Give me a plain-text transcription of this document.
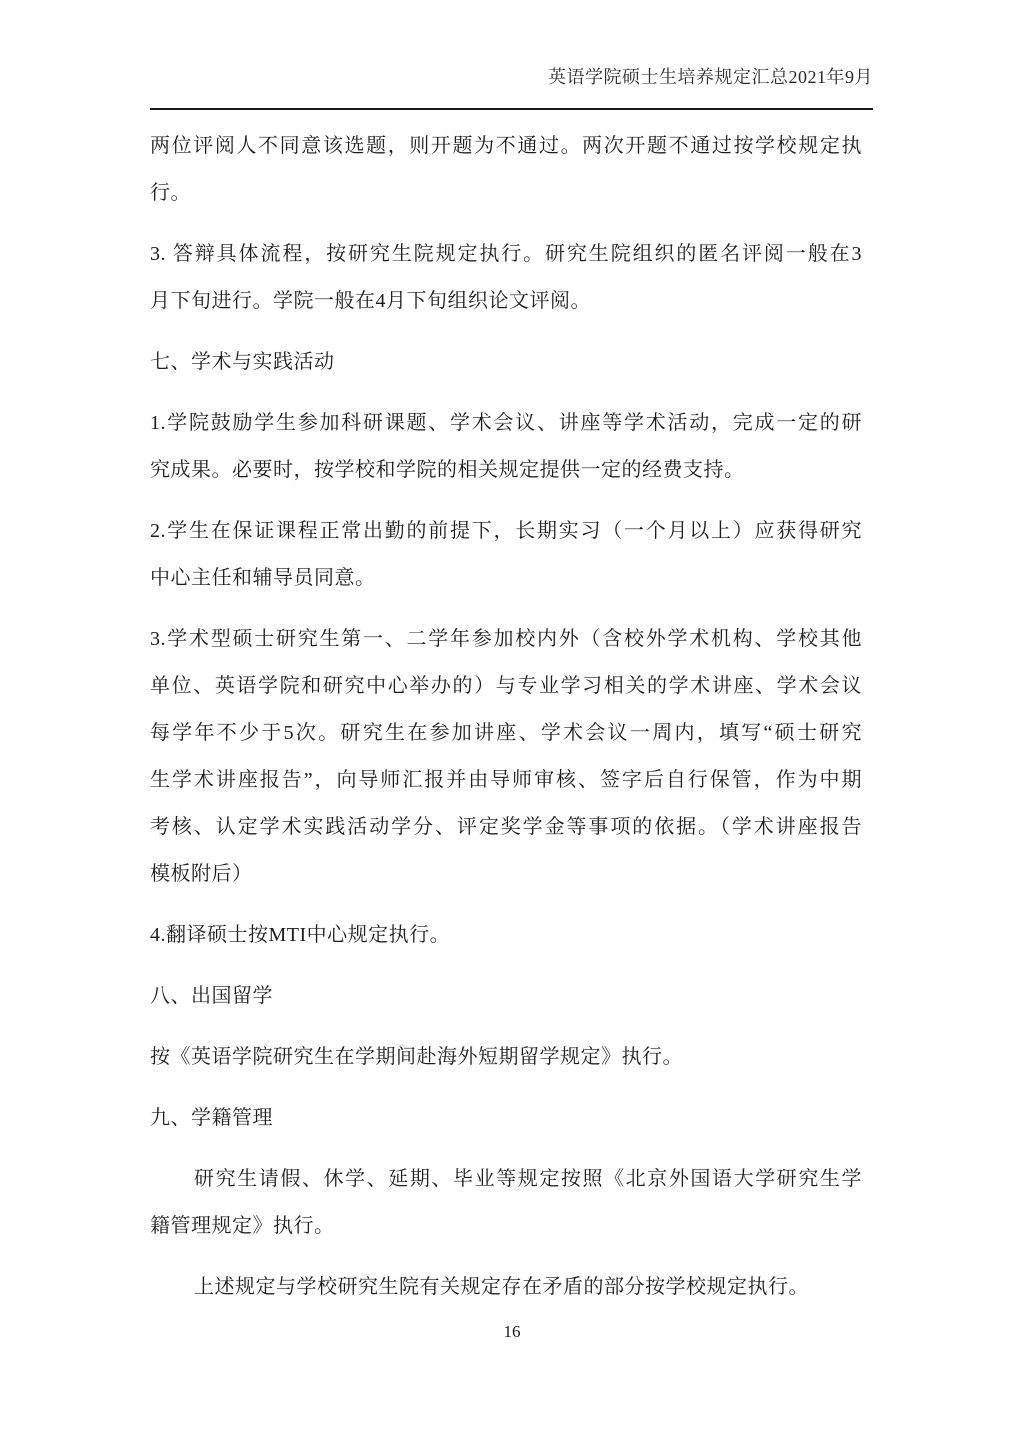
英语学院硕士生培养规定汇总2021年9月
两位评阅人不同意该选题，则开题为不通过。两次开题不通过按学校规定执
行。
3. 答辩具体流程，按研究生院规定执行。研究生院组织的匿名评阅一般在3
月下旬进行。学院一般在4月下旬组织论文评阅。
七、学术与实践活动
1.学院鼓励学生参加科研课题、学术会议、讲座等学术活动，完成一定的研
究成果。必要时，按学校和学院的相关规定提供一定的经费支持。
2.学生在保证课程正常出勤的前提下，长期实习（一个月以上）应获得研究
中心主任和辅导员同意。
3.学术型硕士研究生第一、二学年参加校内外（含校外学术机构、学校其他
单位、英语学院和研究中心举办的）与专业学习相关的学术讲座、学术会议
每学年不少于5次。研究生在参加讲座、学术会议一周内，填写“硕士研究
生学术讲座报告”，向导师汇报并由导师审核、签字后自行保管，作为中期
考核、认定学术实践活动学分、评定奖学金等事项的依据。（学术讲座报告
模板附后）
4.翻译硕士按MTI中心规定执行。
八、出国留学
按《英语学院研究生在学期间赴海外短期留学规定》执行。
九、学籍管理
研究生请假、休学、延期、毕业等规定按照《北京外国语大学研究生学
籍管理规定》执行。
上述规定与学校研究生院有关规定存在矛盾的部分按学校规定执行。
16
